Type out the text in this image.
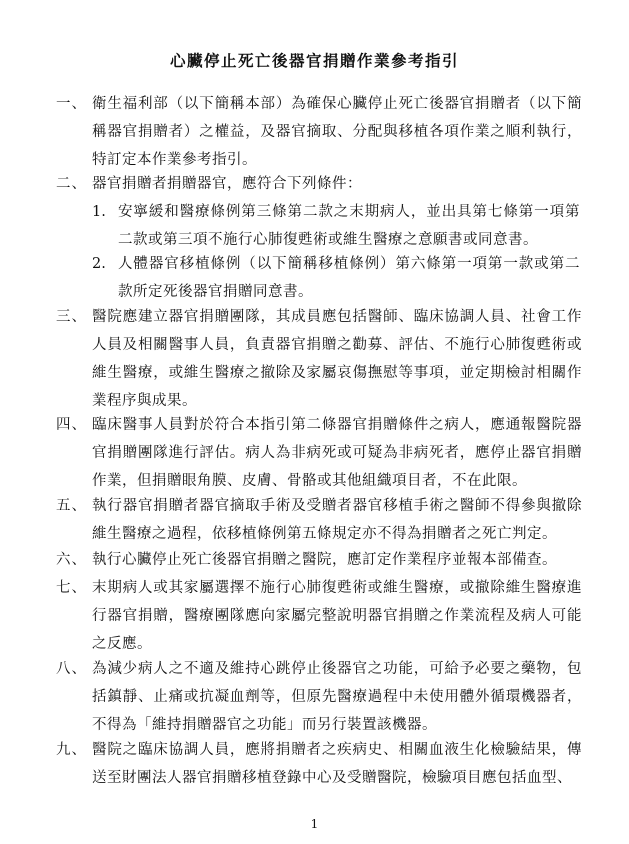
心臟停止死亡後器官捐贈作業參考指引
一、 衛生福利部（以下簡稱本部）為確保心臟停止死亡後器官捐贈者（以下簡稱器官捐贈者）之權益，及器官摘取、分配與移植各項作業之順利執行，特訂定本作業參考指引。
二、 器官捐贈者捐贈器官，應符合下列條件：
1. 安寧緩和醫療條例第三條第二款之末期病人，並出具第七條第一項第二款或第三項不施行心肺復甦術或維生醫療之意願書或同意書。
2. 人體器官移植條例（以下簡稱移植條例）第六條第一項第一款或第二款所定死後器官捐贈同意書。
三、 醫院應建立器官捐贈團隊，其成員應包括醫師、臨床協調人員、社會工作人員及相關醫事人員，負責器官捐贈之勸募、評估、不施行心肺復甦術或維生醫療，或維生醫療之撤除及家屬哀傷撫慰等事項，並定期檢討相關作業程序與成果。
四、 臨床醫事人員對於符合本指引第二條器官捐贈條件之病人，應通報醫院器官捐贈團隊進行評估。病人為非病死或可疑為非病死者，應停止器官捐贈作業，但捐贈眼角膜、皮膚、骨骼或其他組織項目者，不在此限。
五、 執行器官捐贈者器官摘取手術及受贈者器官移植手術之醫師不得參與撤除維生醫療之過程，依移植條例第五條規定亦不得為捐贈者之死亡判定。
六、 執行心臟停止死亡後器官捐贈之醫院，應訂定作業程序並報本部備查。
七、 末期病人或其家屬選擇不施行心肺復甦術或維生醫療，或撤除維生醫療進行器官捐贈，醫療團隊應向家屬完整說明器官捐贈之作業流程及病人可能之反應。
八、 為減少病人之不適及維持心跳停止後器官之功能，可給予必要之藥物，包括鎮靜、止痛或抗凝血劑等，但原先醫療過程中未使用體外循環機器者，不得為「維持捐贈器官之功能」而另行裝置該機器。
九、 醫院之臨床協調人員，應將捐贈者之疾病史、相關血液生化檢驗結果，傳送至財團法人器官捐贈移植登錄中心及受贈醫院，檢驗項目應包括血型、
1
